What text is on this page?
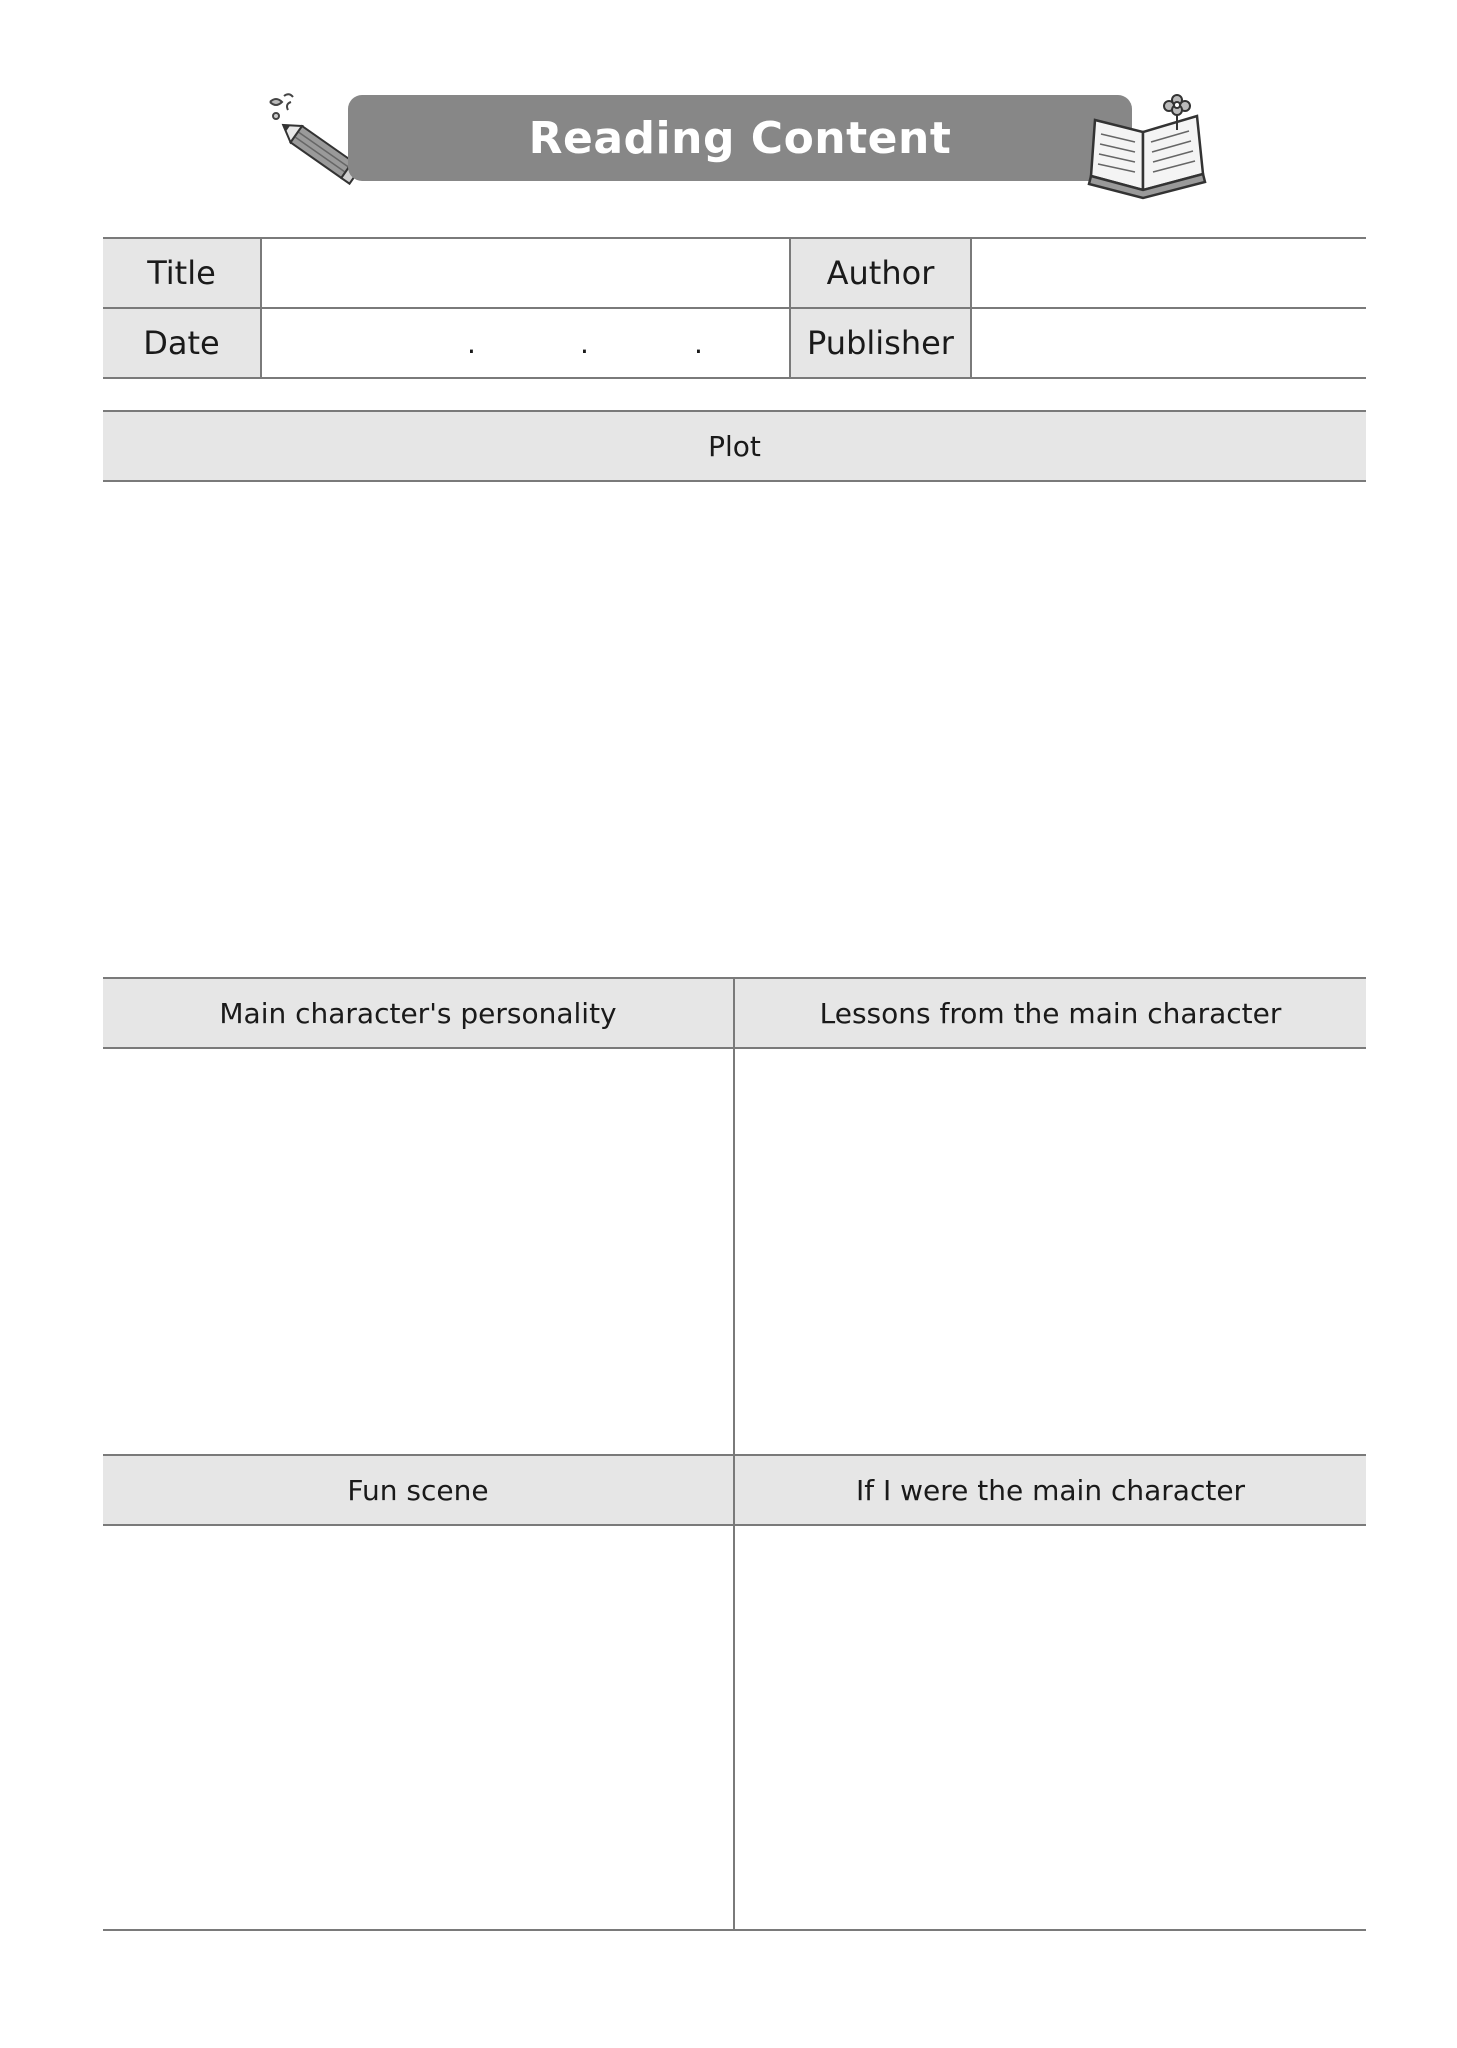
Reading Content
Title		Author	
Date	. . .	Publisher	
Plot
Main character's personality	Lessons from the main character
Fun scene	If I were the main character
